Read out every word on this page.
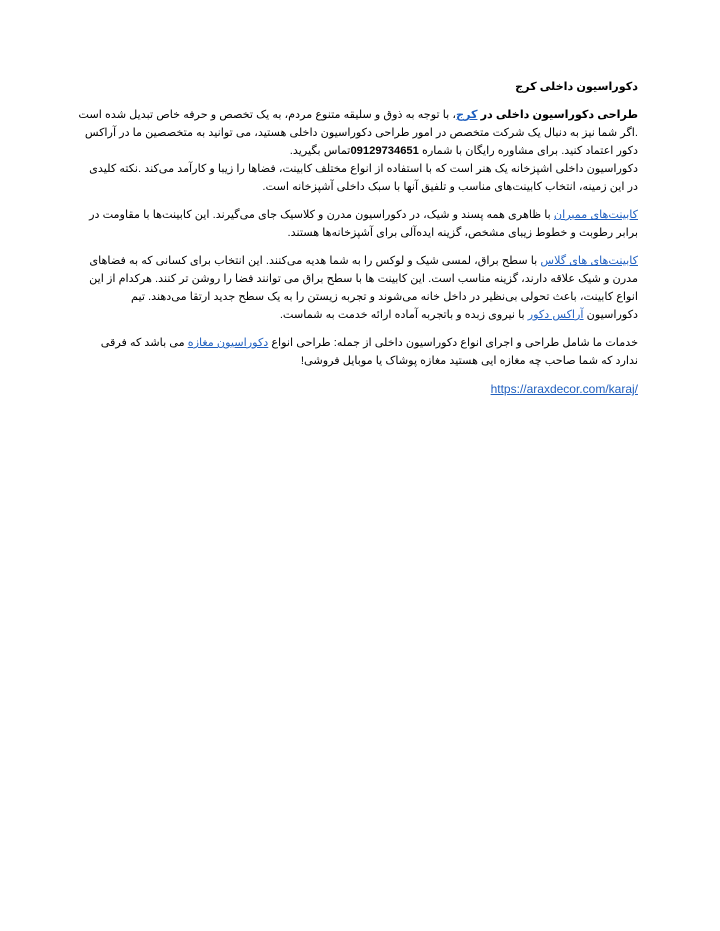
دکوراسیون داخلی کرج

طراحی دکوراسیون داخلی در کرج، با توجه به ذوق و سلیقه متنوع مردم، به یک تخصص و حرفه خاص تبدیل شده است .اگر شما نیز به دنبال یک شرکت متخصص در امور طراحی دکوراسیون داخلی هستید، می توانید به متخصصین ما در آراکس دکور اعتماد کنید. برای مشاوره رایگان با شماره 09129734651تماس بگیرید.
دکوراسیون داخلی اشپزخانه یک هنر است که با استفاده از انواع مختلف کابینت، فضاها را زیبا و کارآمد می‌کند .نکته کلیدی در این زمینه، انتخاب کابینت‌های مناسب و تلفیق آنها با سبک داخلی آشپزخانه است.

کابینت‌های ممبران با ظاهری همه پسند و شیک، در دکوراسیون مدرن و کلاسیک جای می‌گیرند. این کابینت‌ها با مقاومت در برابر رطوبت و خطوط زیبای مشخص، گزینه ایده‌آلی برای آشپزخانه‌ها هستند.

کابینت‌های های گلاس با سطح براق، لمسی شیک و لوکس را به شما هدیه می‌کنند. این انتخاب برای کسانی که به فضاهای مدرن و شیک علاقه دارند، گزینه مناسب است. این کابینت ها با سطح براق می توانند فضا را روشن تر کنند. هرکدام از این انواع کابینت، باعث تحولی بی‌نظیر در داخل خانه می‌شوند و تجربه زیستن را به یک سطح جدید ارتقا می‌دهند. تیم دکوراسیون آراکس دکور با نیروی زبده و باتجربه آماده ارائه خدمت به شماست.

خدمات ما شامل طراحی و اجرای انواع دکوراسیون داخلی از جمله: طراحی انواع دکوراسیون مغازه می باشد که فرقی ندارد که شما صاحب چه مغازه ایی هستید مغازه پوشاک یا موبایل فروشی!

https://araxdecor.com/karaj/
